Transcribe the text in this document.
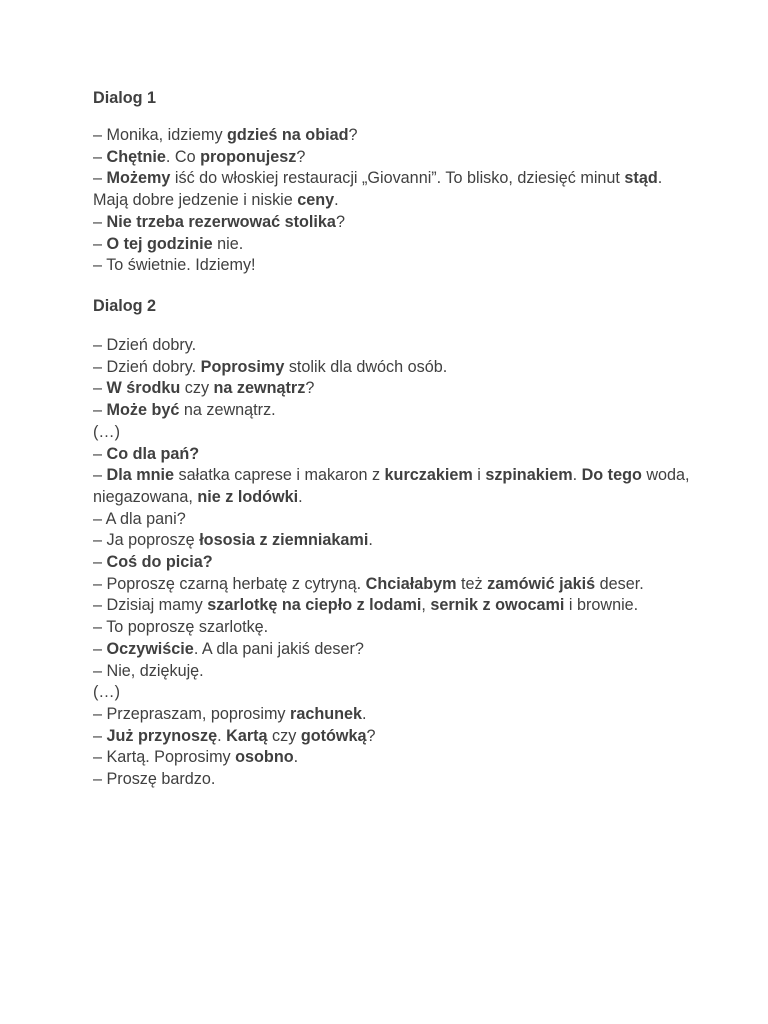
Dialog 1
– Monika, idziemy gdzieś na obiad?
– Chętnie. Co proponujesz?
– Możemy iść do włoskiej restauracji „Giovanni”. To blisko, dziesięć minut stąd. Mają dobre jedzenie i niskie ceny.
– Nie trzeba rezerwować stolika?
– O tej godzinie nie.
– To świetnie. Idziemy!
Dialog 2
– Dzień dobry.
– Dzień dobry. Poprosimy stolik dla dwóch osób.
– W środku czy na zewnątrz?
– Może być na zewnątrz.
(…)
– Co dla pań?
– Dla mnie sałatka caprese i makaron z kurczakiem i szpinakiem. Do tego woda, niegazowana, nie z lodówki.
– A dla pani?
– Ja poproszę łososia z ziemniakami.
– Coś do picia?
– Poproszę czarną herbatę z cytryną. Chciałabym też zamówić jakiś deser.
– Dzisiaj mamy szarlotkę na ciepło z lodami, sernik z owocami i brownie.
– To poproszę szarlotkę.
– Oczywiście. A dla pani jakiś deser?
– Nie, dziękuję.
(…)
– Przepraszam, poprosimy rachunek.
– Już przynoszę. Kartą czy gotówką?
– Kartą. Poprosimy osobno.
– Proszę bardzo.
